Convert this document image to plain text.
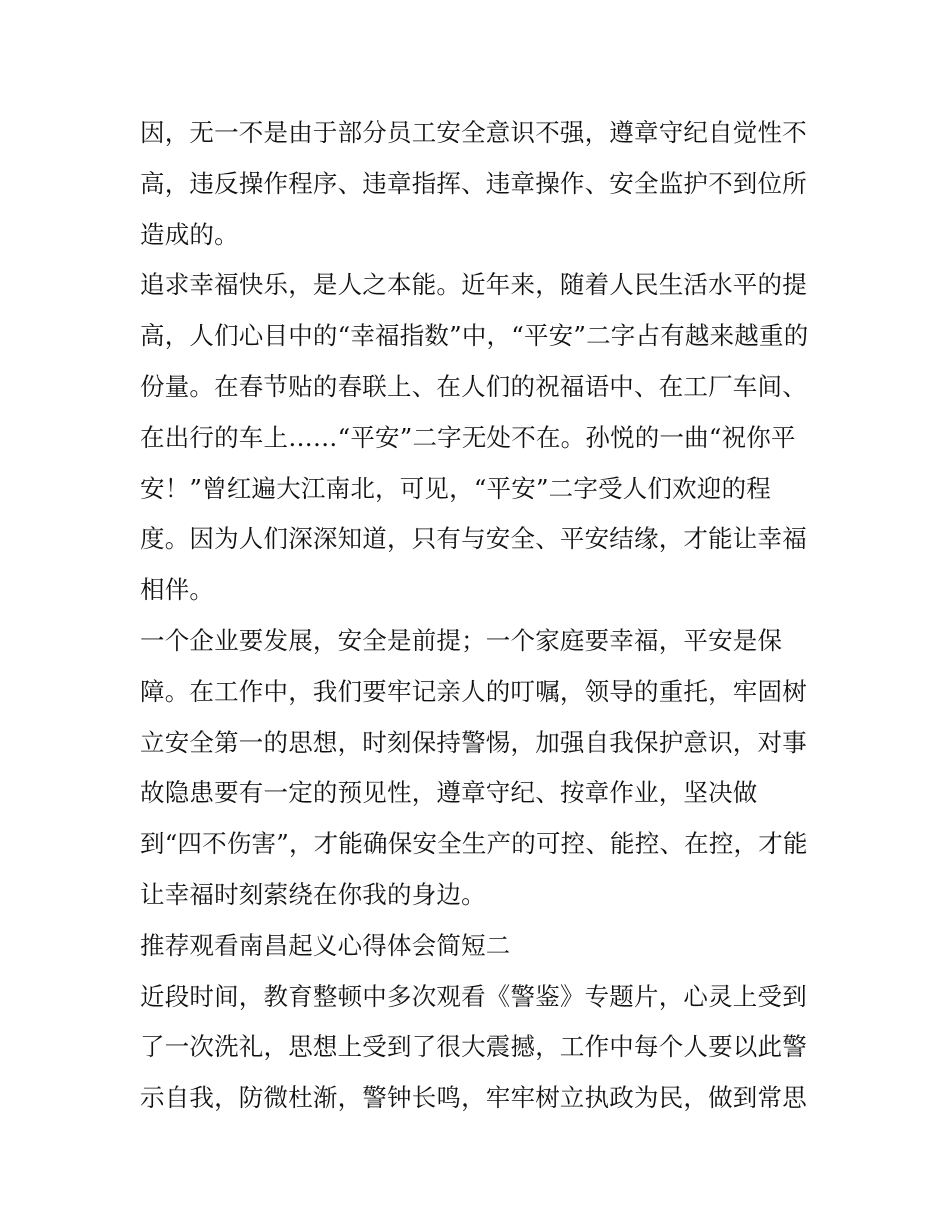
因，无一不是由于部分员工安全意识不强，遵章守纪自觉性不
高，违反操作程序、违章指挥、违章操作、安全监护不到位所
造成的。
追求幸福快乐，是人之本能。近年来，随着人民生活水平的提
高，人们心目中的“幸福指数”中，“平安”二字占有越来越重的
份量。在春节贴的春联上、在人们的祝福语中、在工厂车间、
在出行的车上……“平安”二字无处不在。孙悦的一曲“祝你平
安！”曾红遍大江南北，可见，“平安”二字受人们欢迎的程
度。因为人们深深知道，只有与安全、平安结缘，才能让幸福
相伴。
一个企业要发展，安全是前提；一个家庭要幸福，平安是保
障。在工作中，我们要牢记亲人的叮嘱，领导的重托，牢固树
立安全第一的思想，时刻保持警惕，加强自我保护意识，对事
故隐患要有一定的预见性，遵章守纪、按章作业，坚决做
到“四不伤害”，才能确保安全生产的可控、能控、在控，才能
让幸福时刻萦绕在你我的身边。
推荐观看南昌起义心得体会简短二
近段时间，教育整顿中多次观看《警鉴》专题片，心灵上受到
了一次洗礼，思想上受到了很大震撼，工作中每个人要以此警
示自我，防微杜渐，警钟长鸣，牢牢树立执政为民，做到常思
